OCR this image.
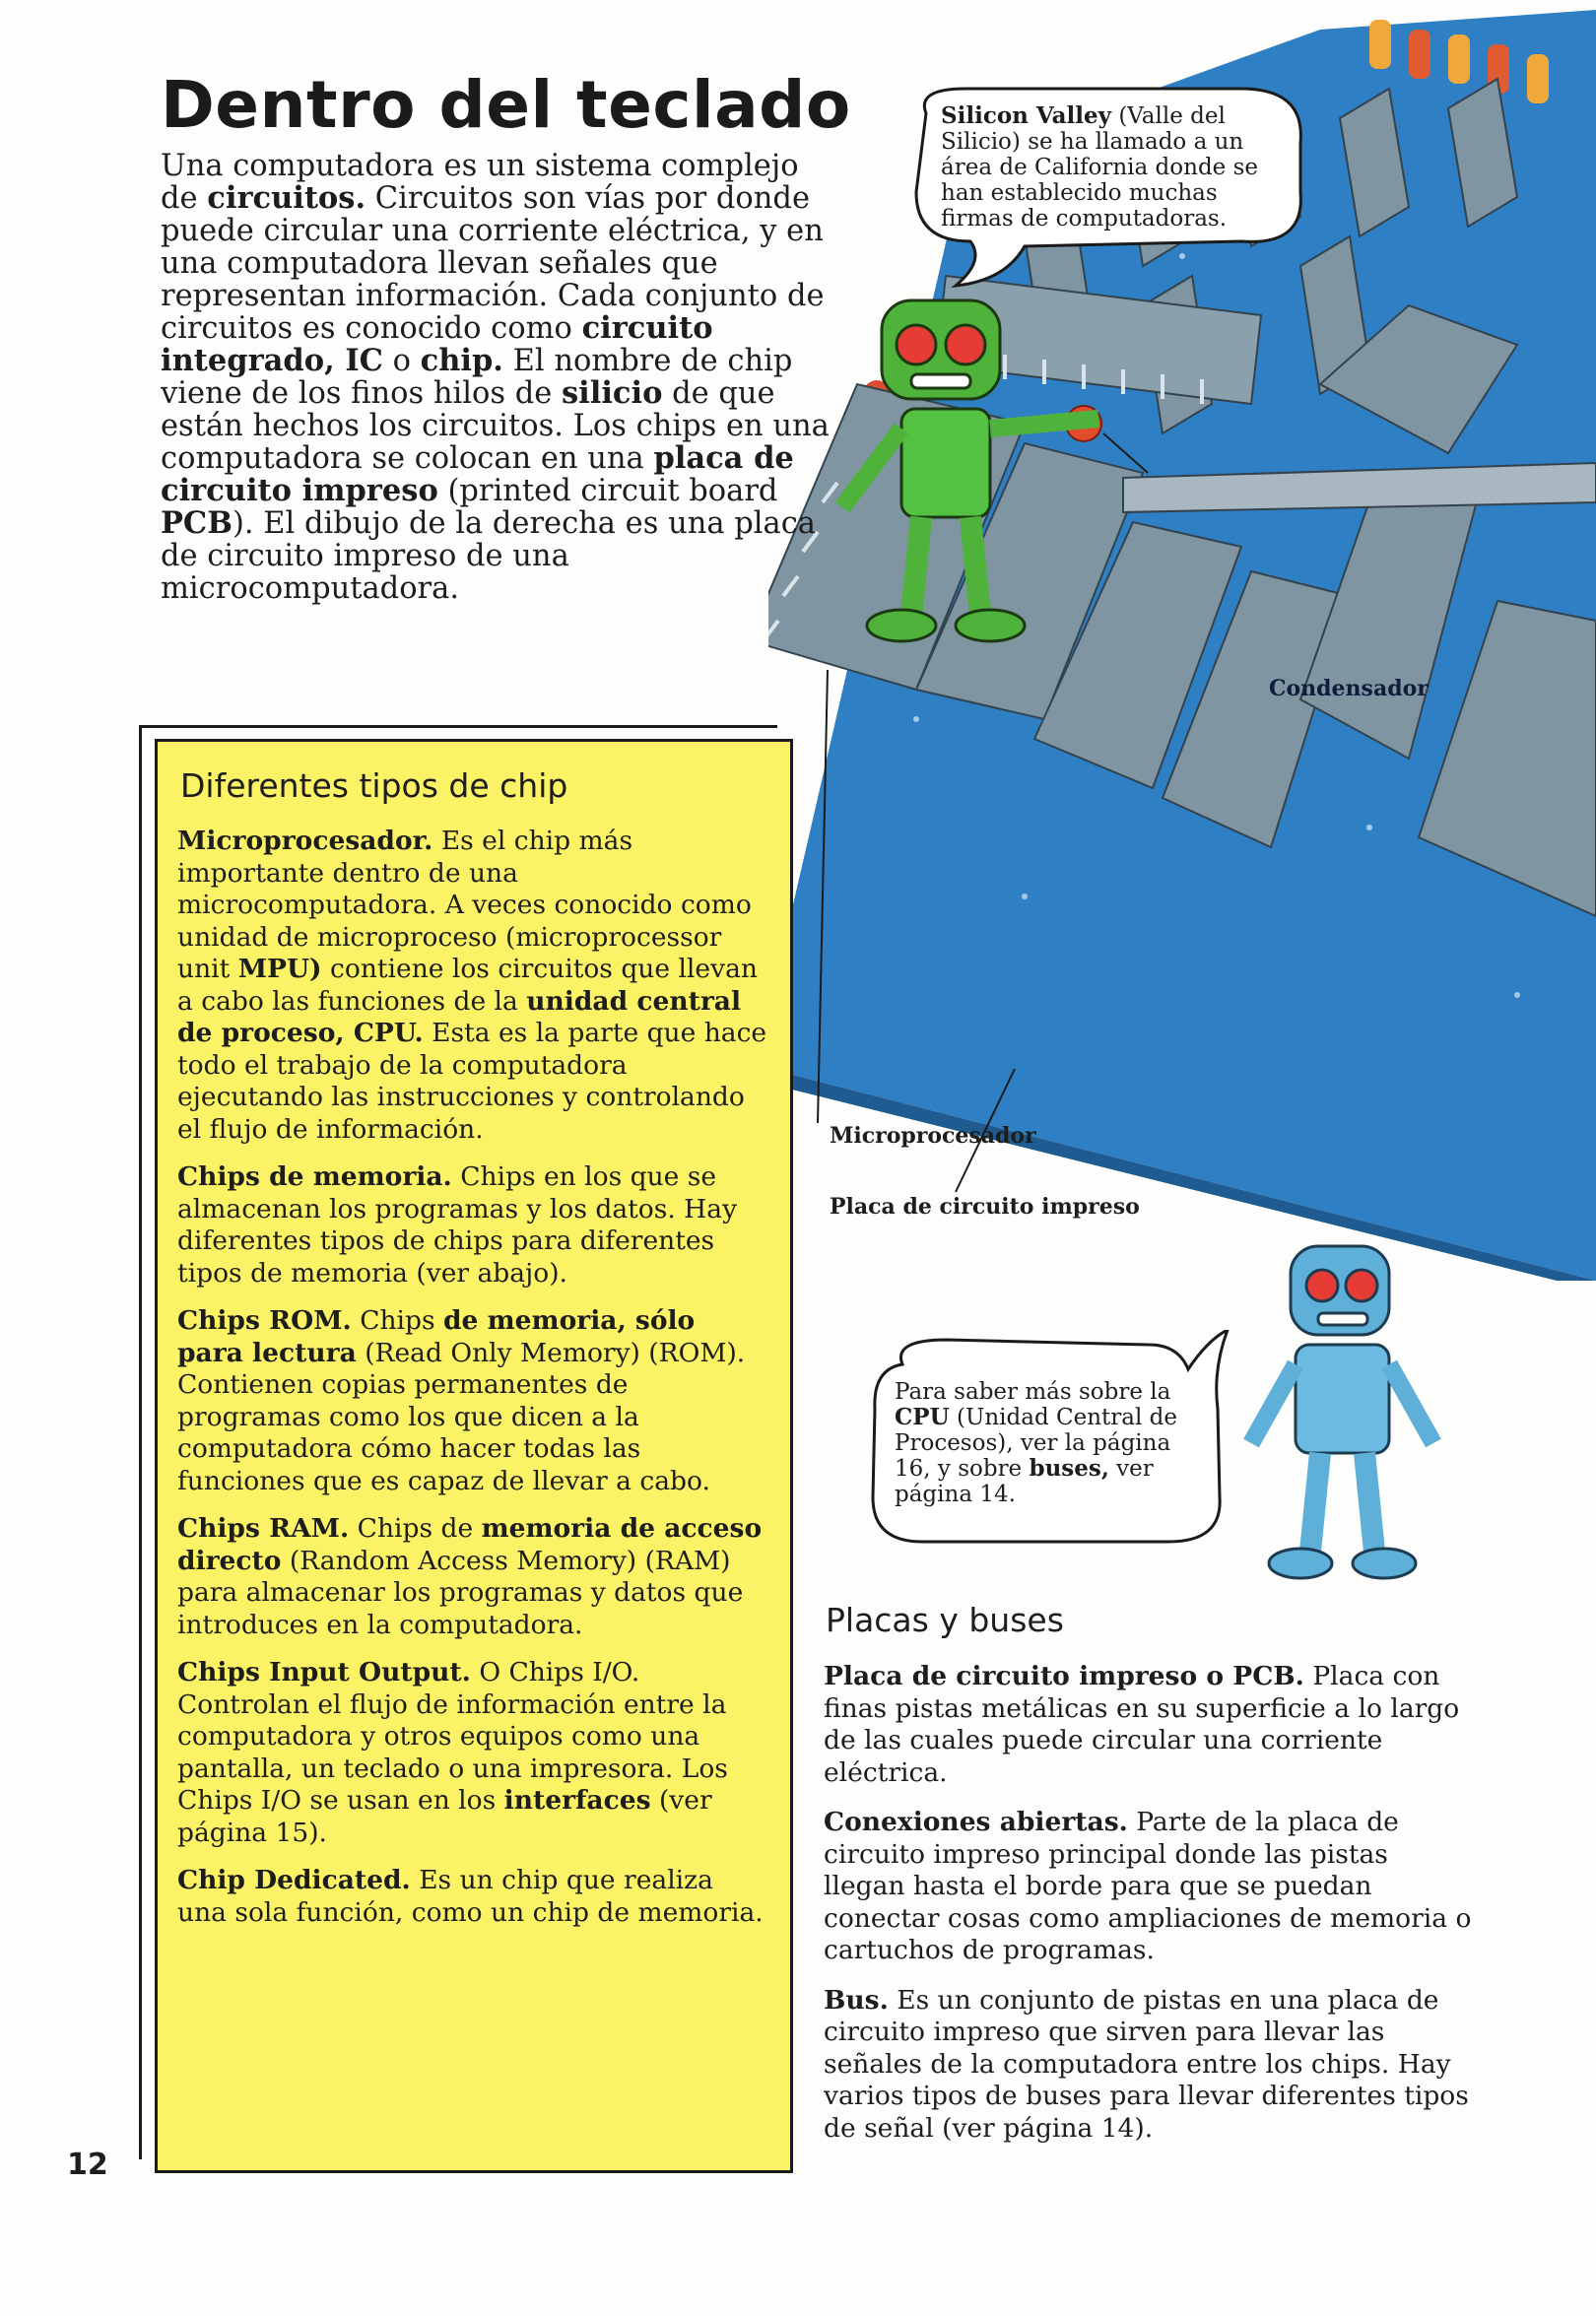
Silicon Valley (Valle del Silicio) se ha llamado a un área de California donde se han establecido muchas firmas de computadoras.

Para saber más sobre la CPU (Unidad Central de Procesos), ver la página 16, y sobre buses, ver página 14.

Condensador
Microprocesador
Placa de circuito impreso
Dentro del teclado

Una computadora es un sistema complejo de circuitos. Circuitos son vías por donde puede circular una corriente eléctrica, y en una computadora llevan señales que representan información. Cada conjunto de circuitos es conocido como circuito integrado, IC o chip. El nombre de chip viene de los finos hilos de silicio de que están hechos los circuitos. Los chips en una computadora se colocan en una placa de circuito impreso (printed circuit board PCB). El dibujo de la derecha es una placa de circuito impreso de una microcomputadora.

Diferentes tipos de chip

Microprocesador. Es el chip más importante dentro de una microcomputadora. A veces conocido como unidad de microproceso (microprocessor unit MPU) contiene los circuitos que llevan a cabo las funciones de la unidad central de proceso, CPU. Esta es la parte que hace todo el trabajo de la computadora ejecutando las instrucciones y controlando el flujo de información.

Chips de memoria. Chips en los que se almacenan los programas y los datos. Hay diferentes tipos de chips para diferentes tipos de memoria (ver abajo).

Chips ROM. Chips de memoria, sólo para lectura (Read Only Memory) (ROM). Contienen copias permanentes de programas como los que dicen a la computadora cómo hacer todas las funciones que es capaz de llevar a cabo.

Chips RAM. Chips de memoria de acceso directo (Random Access Memory) (RAM) para almacenar los programas y datos que introduces en la computadora.

Chips Input Output. O Chips I/O. Controlan el flujo de información entre la computadora y otros equipos como una pantalla, un teclado o una impresora. Los Chips I/O se usan en los interfaces (ver página 15).

Chip Dedicated. Es un chip que realiza una sola función, como un chip de memoria.

Placas y buses

Placa de circuito impreso o PCB. Placa con finas pistas metálicas en su superficie a lo largo de las cuales puede circular una corriente eléctrica.

Conexiones abiertas. Parte de la placa de circuito impreso principal donde las pistas llegan hasta el borde para que se puedan conectar cosas como ampliaciones de memoria o cartuchos de programas.

Bus. Es un conjunto de pistas en una placa de circuito impreso que sirven para llevar las señales de la computadora entre los chips. Hay varios tipos de buses para llevar diferentes tipos de señal (ver página 14).

12
